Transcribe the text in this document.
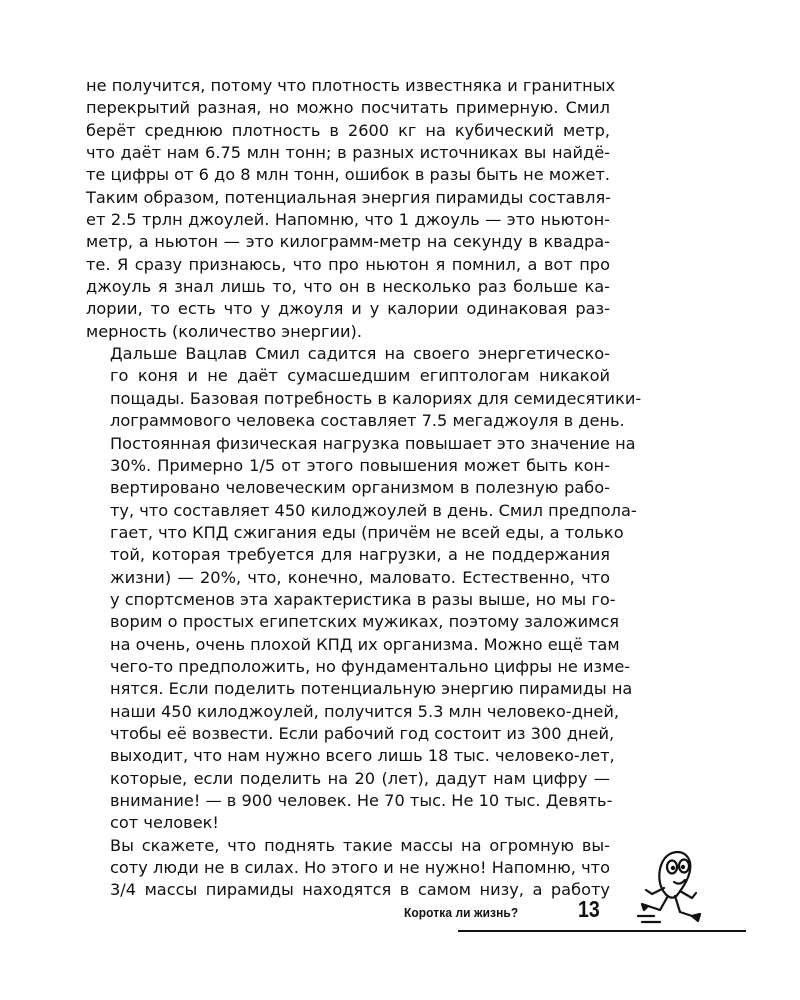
не получится, потому что плотность известняка и гранитных
перекрытий разная, но можно посчитать примерную. Смил
берёт среднюю плотность в 2600 кг на кубический метр,
что даёт нам 6.75 млн тонн; в разных источниках вы найдё-
те цифры от 6 до 8 млн тонн, ошибок в разы быть не может.
Таким образом, потенциальная энергия пирамиды составля-
ет 2.5 трлн джоулей. Напомню, что 1 джоуль — это ньютон-
метр, а ньютон — это килограмм-метр на секунду в квадра-
те. Я сразу признаюсь, что про ньютон я помнил, а вот про
джоуль я знал лишь то, что он в несколько раз больше ка-
лории, то есть что у джоуля и у калории одинаковая раз-
мерность (количество энергии).

Дальше Вацлав Смил садится на своего энергетическо-
го коня и не даёт сумасшедшим египтологам никакой
пощады. Базовая потребность в калориях для семидесятики-
лограммового человека составляет 7.5 мегаджоуля в день.
Постоянная физическая нагрузка повышает это значение на
30%. Примерно 1/5 от этого повышения может быть кон-
вертировано человеческим организмом в полезную рабо-
ту, что составляет 450 килоджоулей в день. Смил предпола-
гает, что КПД сжигания еды (причём не всей еды, а только
той, которая требуется для нагрузки, а не поддержания
жизни) — 20%, что, конечно, маловато. Естественно, что
у спортсменов эта характеристика в разы выше, но мы го-
ворим о простых египетских мужиках, поэтому заложимся
на очень, очень плохой КПД их организма. Можно ещё там
чего-то предположить, но фундаментально цифры не изме-
нятся. Если поделить потенциальную энергию пирамиды на
наши 450 килоджоулей, получится 5.3 млн человеко-дней,
чтобы её возвести. Если рабочий год состоит из 300 дней,
выходит, что нам нужно всего лишь 18 тыс. человеко-лет,
которые, если поделить на 20 (лет), дадут нам цифру —
внимание! — в 900 человек. Не 70 тыс. Не 10 тыс. Девять-
сот человек!

Вы скажете, что поднять такие массы на огромную вы-
соту люди не в силах. Но этого и не нужно! Напомню, что
3/4 массы пирамиды находятся в самом низу, а работу

Коротка ли жизнь?	13
